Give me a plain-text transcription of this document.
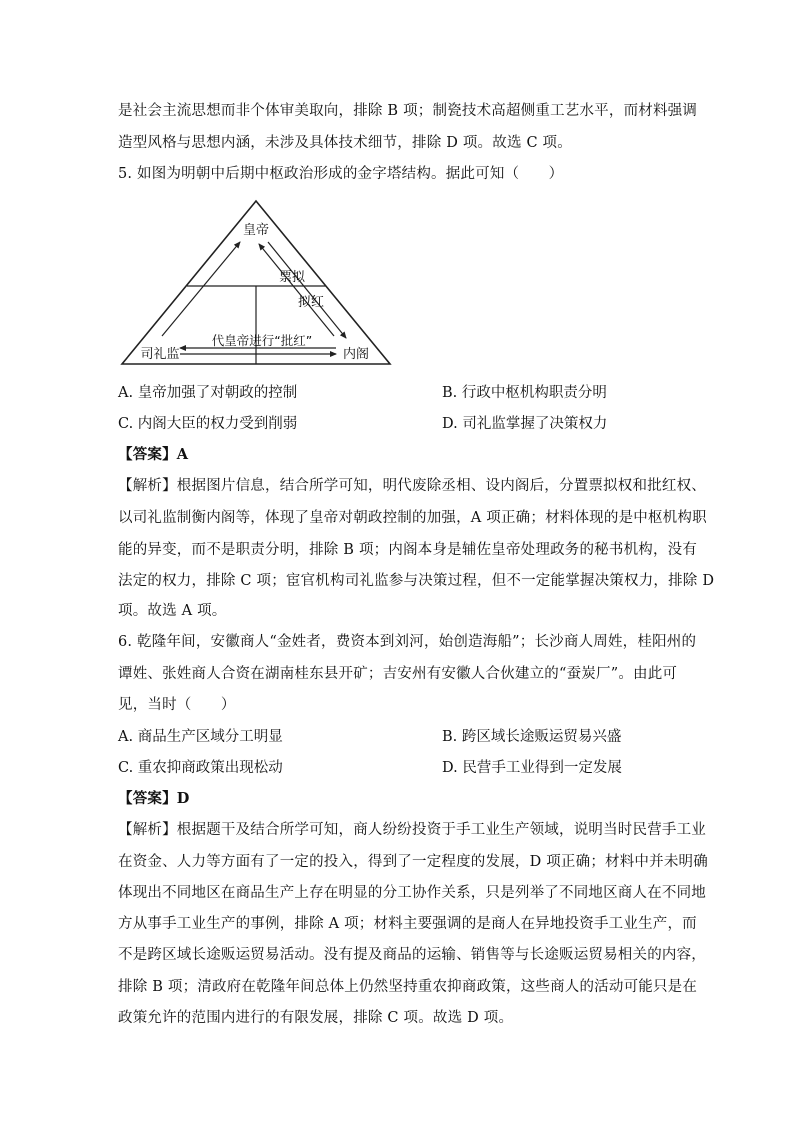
是社会主流思想而非个体审美取向，排除 B 项；制瓷技术高超侧重工艺水平，而材料强调
造型风格与思想内涵，未涉及具体技术细节，排除 D 项。故选 C 项。
5. 如图为明朝中后期中枢政治形成的金字塔结构。据此可知（　　）
皇帝
票拟
拟红
代皇帝进行“批红”
司礼监	内阁
A. 皇帝加强了对朝政的控制	B. 行政中枢机构职责分明
C. 内阁大臣的权力受到削弱	D. 司礼监掌握了决策权力
【答案】A
【解析】根据图片信息，结合所学可知，明代废除丞相、设内阁后，分置票拟权和批红权、
以司礼监制衡内阁等，体现了皇帝对朝政控制的加强，A 项正确；材料体现的是中枢机构职
能的异变，而不是职责分明，排除 B 项；内阁本身是辅佐皇帝处理政务的秘书机构，没有
法定的权力，排除 C 项；宦官机构司礼监参与决策过程，但不一定能掌握决策权力，排除 D
项。故选 A 项。
6. 乾隆年间，安徽商人“金姓者，费资本到刘河，始创造海船”；长沙商人周姓，桂阳州的
谭姓、张姓商人合资在湖南桂东县开矿；吉安州有安徽人合伙建立的“蚕炭厂”。由此可
见，当时（　　）
A. 商品生产区域分工明显	B. 跨区域长途贩运贸易兴盛
C. 重农抑商政策出现松动	D. 民营手工业得到一定发展
【答案】D
【解析】根据题干及结合所学可知，商人纷纷投资于手工业生产领域，说明当时民营手工业
在资金、人力等方面有了一定的投入，得到了一定程度的发展，D 项正确；材料中并未明确
体现出不同地区在商品生产上存在明显的分工协作关系，只是列举了不同地区商人在不同地
方从事手工业生产的事例，排除 A 项；材料主要强调的是商人在异地投资手工业生产，而
不是跨区域长途贩运贸易活动。没有提及商品的运输、销售等与长途贩运贸易相关的内容，
排除 B 项；清政府在乾隆年间总体上仍然坚持重农抑商政策，这些商人的活动可能只是在
政策允许的范围内进行的有限发展，排除 C 项。故选 D 项。
